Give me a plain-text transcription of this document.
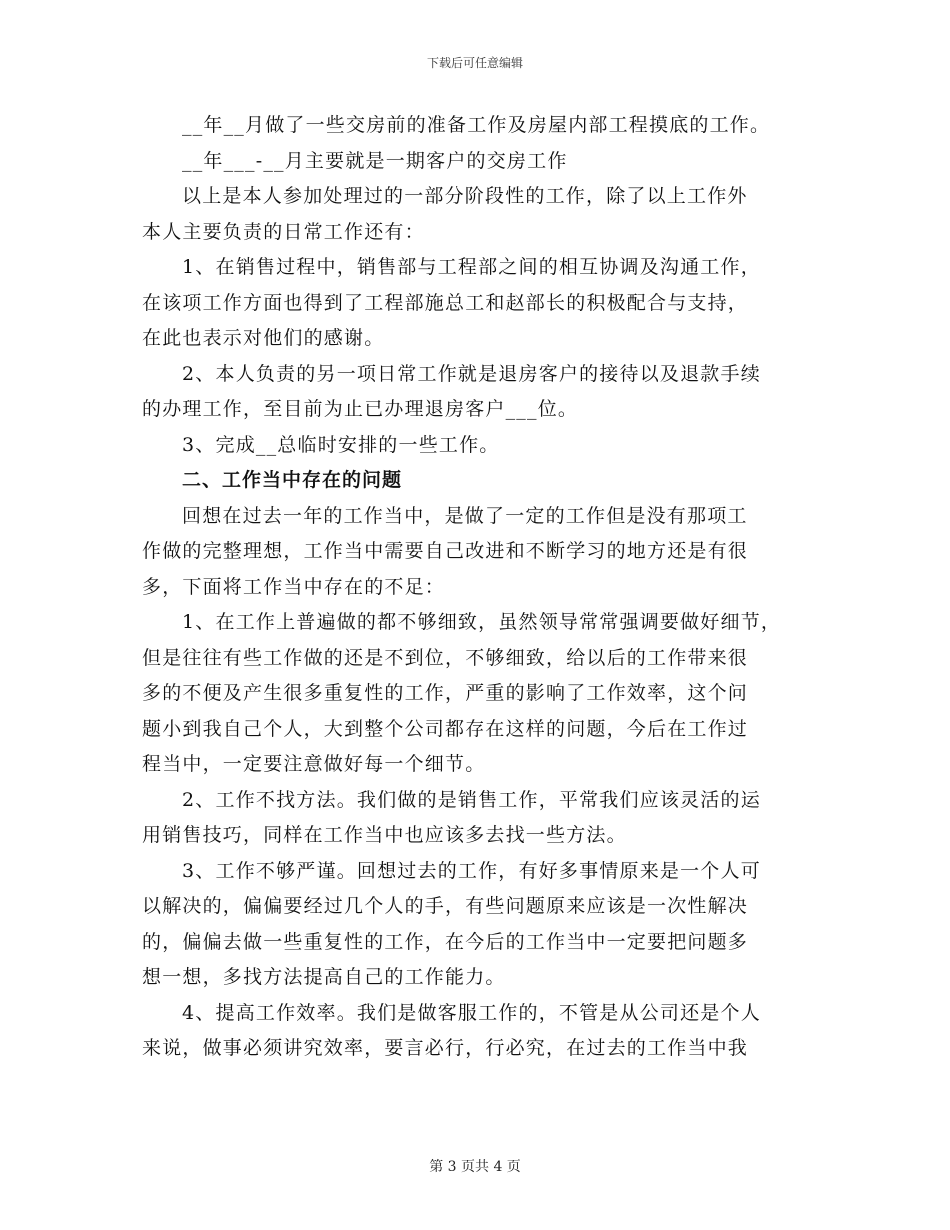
下载后可任意编辑
__年__月做了一些交房前的准备工作及房屋内部工程摸底的工作。
__年___-__月主要就是一期客户的交房工作
以上是本人参加处理过的一部分阶段性的工作，除了以上工作外
本人主要负责的日常工作还有：
1、在销售过程中，销售部与工程部之间的相互协调及沟通工作，
在该项工作方面也得到了工程部施总工和赵部长的积极配合与支持，
在此也表示对他们的感谢。
2、本人负责的另一项日常工作就是退房客户的接待以及退款手续
的办理工作，至目前为止已办理退房客户___位。
3、完成__总临时安排的一些工作。
二、工作当中存在的问题
回想在过去一年的工作当中，是做了一定的工作但是没有那项工
作做的完整理想，工作当中需要自己改进和不断学习的地方还是有很
多，下面将工作当中存在的不足：
1、在工作上普遍做的都不够细致，虽然领导常常强调要做好细节，
但是往往有些工作做的还是不到位，不够细致，给以后的工作带来很
多的不便及产生很多重复性的工作，严重的影响了工作效率，这个问
题小到我自己个人，大到整个公司都存在这样的问题，今后在工作过
程当中，一定要注意做好每一个细节。
2、工作不找方法。我们做的是销售工作，平常我们应该灵活的运
用销售技巧，同样在工作当中也应该多去找一些方法。
3、工作不够严谨。回想过去的工作，有好多事情原来是一个人可
以解决的，偏偏要经过几个人的手，有些问题原来应该是一次性解决
的，偏偏去做一些重复性的工作，在今后的工作当中一定要把问题多
想一想，多找方法提高自己的工作能力。
4、提高工作效率。我们是做客服工作的，不管是从公司还是个人
来说，做事必须讲究效率，要言必行，行必究，在过去的工作当中我
第 3 页共 4 页
